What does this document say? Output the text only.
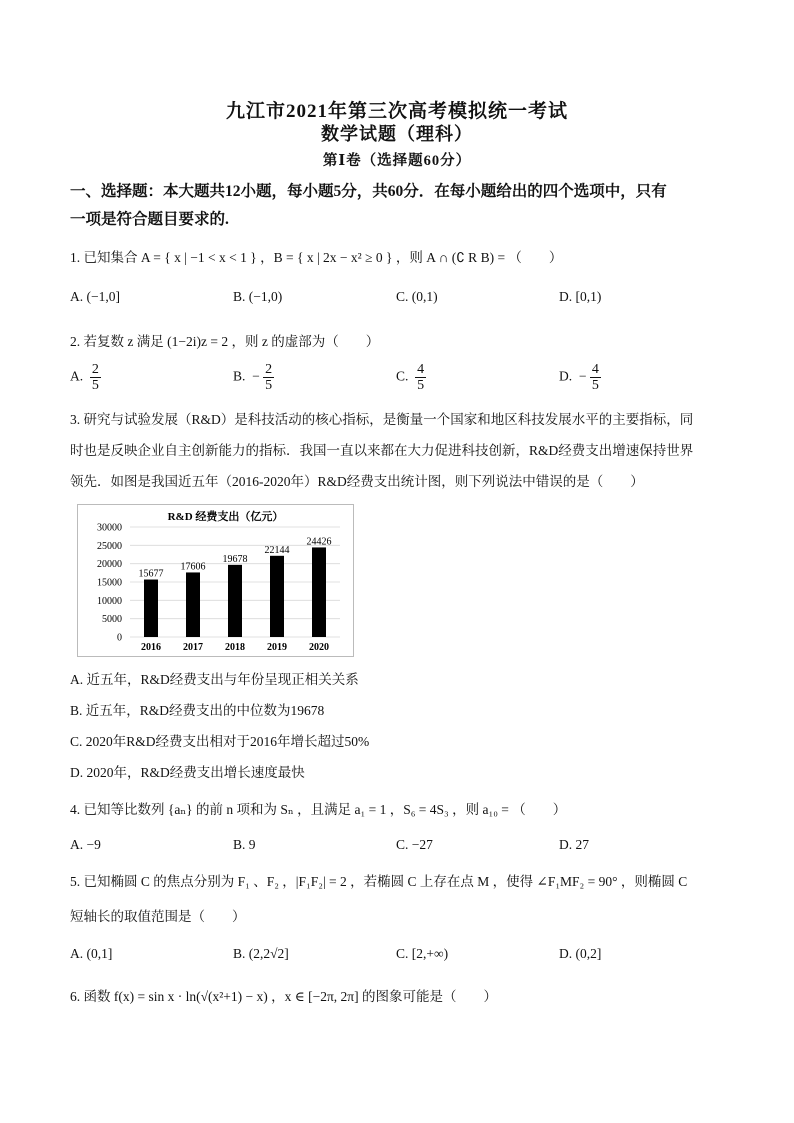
九江市2021年第三次高考模拟统一考试
数学试题（理科）
第Ⅰ卷（选择题60分）
一、选择题：本大题共12小题，每小题5分，共60分．在每小题给出的四个选项中，只有
一项是符合题目要求的.
1. 已知集合 A = { x | −1 < x < 1 } ，B = { x | 2x − x² ≥ 0 } ，则 A ∩ (∁ R B) = （　　）
A. (−1,0]	B. (−1,0)	C. (0,1)	D. [0,1)
2. 若复数 z 满足 (1−2i)z = 2 ，则 z 的虚部为（　　）
A. $\frac{2}{5}$	B. − $\frac{2}{5}$	C. $\frac{4}{5}$	D. − $\frac{4}{5}$
3. 研究与试验发展（R&D）是科技活动的核心指标，是衡量一个国家和地区科技发展水平的主要指标，同
时也是反映企业自主创新能力的指标．我国一直以来都在大力促进科技创新，R&D经费支出增速保持世界
领先．如图是我国近五年（2016-2020年）R&D经费支出统计图，则下列说法中错误的是（　　）
R&D 经费支出（亿元）
0
5000
10000
15000
20000
25000
30000
15677
2016
17606
2017
19678
2018
22144
2019
24426
2020
A. 近五年，R&D经费支出与年份呈现正相关关系
B. 近五年，R&D经费支出的中位数为19678
C. 2020年R&D经费支出相对于2016年增长超过50%
D. 2020年，R&D经费支出增长速度最快
4. 已知等比数列 {aₙ} 的前 n 项和为 Sₙ ，且满足 a₁ = 1 ，S₆ = 4S₃ ，则 a₁₀ = （　　）
A. −9	B. 9	C. −27	D. 27
5. 已知椭圆 C 的焦点分别为 F₁ 、F₂ ，|F₁F₂| = 2 ，若椭圆 C 上存在点 M ，使得 ∠F₁MF₂ = 90° ，则椭圆 C
短轴长的取值范围是（　　）
A. (0,1]	B. (2,2√2]	C. [2,+∞)	D. (0,2]
6. 函数 f(x) = sin x · ln(√(x²+1) − x) ，x ∈ [−2π, 2π] 的图象可能是（　　）
